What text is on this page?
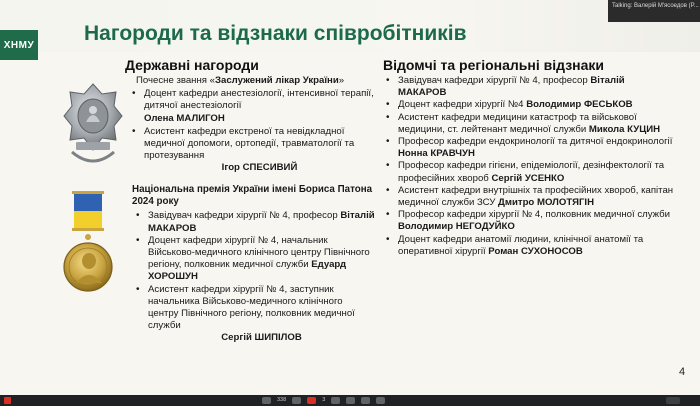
ХНМУ Нагороди та відзнаки співробітників
Державні нагороди	Відомчі та регіональні відзнаки
Почесне звання «Заслужений лікар України»
• Доцент кафедри анестезіології, інтенсивної терапії, дитячої анестезіології
Олена МАЛИГОН
• Асистент кафедри екстреної та невідкладної медичної допомоги, ортопедії, травматології та протезування

Ігор СПЕСИВИЙ
Національна премія України імені Бориса Патона 2024 року
• Завідувач кафедри хірургії № 4, професор Віталій МАКАРОВ
• Доцент кафедри хірургії № 4, начальник Військово-медичного клінічного центру Північного регіону, полковник медичної служби Едуард ХОРОШУН
• Асистент кафедри хірургії № 4, заступник начальника Військово-медичного клінічного центру Північного регіону, полковник медичної служби

Сергій ШИПІЛОВ
• Завідувач кафедри хірургії № 4, професор Віталій МАКАРОВ
• Доцент кафедри хірургії №4 Володимир ФЕСЬКОВ
• Асистент кафедри медицини катастроф та військової медицини, ст. лейтенант медичної служби Микола КУЦИН
• Професор кафедри ендокринології та дитячої ендокринології Нонна КРАВЧУН
• Професор кафедри гігієни, епідеміології, дезінфектології та професійних хвороб Сергій УСЕНКО
• Асистент кафедри внутрішніх та професійних хвороб, капітан медичної служби ЗСУ Дмитро МОЛОТЯГІН
• Професор кафедри хірургії № 4, полковник медичної служби Володимир НЕГОДУЙКО
• Доцент кафедри анатомії людини, клінічної анатомії та оперативної хірургії Роман СУХОНОСОВ
4
Talking: Валерій М'ясоедов (P...
338	3
